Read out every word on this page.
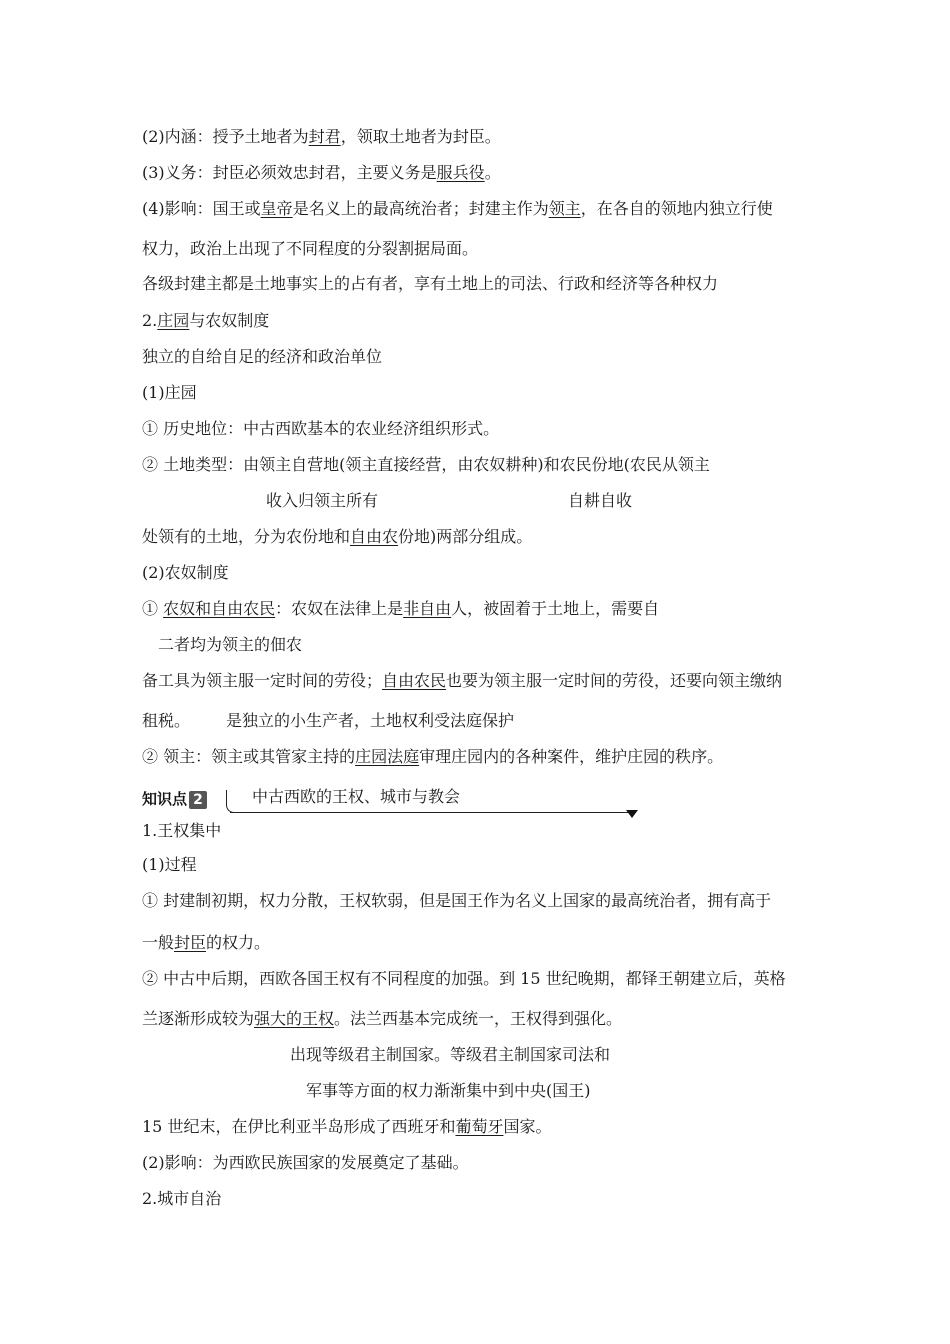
(2)内涵：授予土地者为封君，领取土地者为封臣。
(3)义务：封臣必须效忠封君，主要义务是服兵役。
(4)影响：国王或皇帝是名义上的最高统治者；封建主作为领主，在各自的领地内独立行使
权力，政治上出现了不同程度的分裂割据局面。
各级封建主都是土地事实上的占有者，享有土地上的司法、行政和经济等各种权力
2.庄园与农奴制度
独立的自给自足的经济和政治单位
(1)庄园
① 历史地位：中古西欧基本的农业经济组织形式。
② 土地类型：由领主自营地(领主直接经营，由农奴耕种)和农民份地(农民从领主
收入归领主所有	自耕自收
处领有的土地，分为农份地和自由农份地)两部分组成。
(2)农奴制度
① 农奴和自由农民：农奴在法律上是非自由人，被固着于土地上，需要自
二者均为领主的佃农
备工具为领主服一定时间的劳役；自由农民也要为领主服一定时间的劳役，还要向领主缴纳
租税。 是独立的小生产者，土地权利受法庭保护
② 领主：领主或其管家主持的庄园法庭审理庄园内的各种案件，维护庄园的秩序。
知识点 2	中古西欧的王权、城市与教会
1.王权集中
(1)过程
① 封建制初期，权力分散，王权软弱，但是国王作为名义上国家的最高统治者，拥有高于
一般封臣的权力。
② 中古中后期，西欧各国王权有不同程度的加强。到 15 世纪晚期，都铎王朝建立后，英格
兰逐渐形成较为强大的王权。法兰西基本完成统一，王权得到强化。
出现等级君主制国家。等级君主制国家司法和
军事等方面的权力渐渐集中到中央(国王)
15 世纪末，在伊比利亚半岛形成了西班牙和葡萄牙国家。
(2)影响：为西欧民族国家的发展奠定了基础。
2.城市自治
